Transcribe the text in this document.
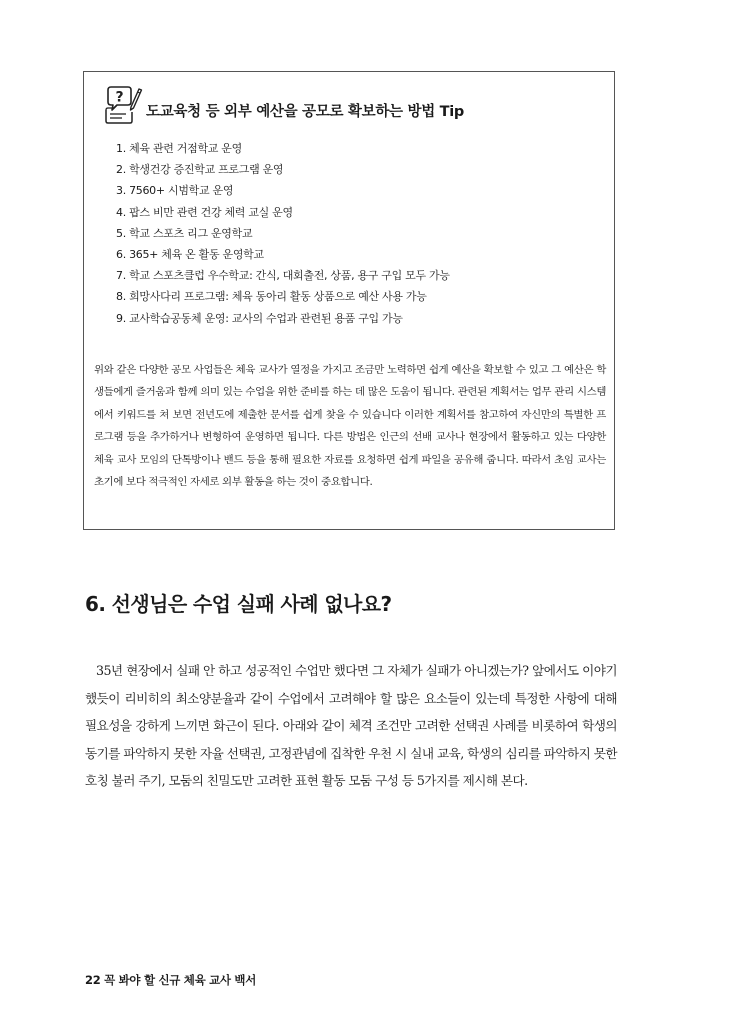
?
도교육청 등 외부 예산을 공모로 확보하는 방법 Tip
1. 체육 관련 거점학교 운영
2. 학생건강 증진학교 프로그램 운영
3. 7560+ 시범학교 운영
4. 팝스 비만 관련 건강 체력 교실 운영
5. 학교 스포츠 리그 운영학교
6. 365+ 체육 온 활동 운영학교
7. 학교 스포츠클럽 우수학교: 간식, 대회출전, 상품, 용구 구입 모두 가능
8. 희망사다리 프로그램: 체육 동아리 활동 상품으로 예산 사용 가능
9. 교사학습공동체 운영: 교사의 수업과 관련된 용품 구입 가능

위와 같은 다양한 공모 사업들은 체육 교사가 열정을 가지고 조금만 노력하면 쉽게 예산을 확보할 수 있고 그 예산은 학생들에게 즐거움과 함께 의미 있는 수업을 위한 준비를 하는 데 많은 도움이 됩니다. 관련된 계획서는 업무 관리 시스템에서 키워드를 쳐 보면 전년도에 제출한 문서를 쉽게 찾을 수 있습니다 이러한 계획서를 참고하여 자신만의 특별한 프로그램 등을 추가하거나 변형하여 운영하면 됩니다. 다른 방법은 인근의 선배 교사나 현장에서 활동하고 있는 다양한 체육 교사 모임의 단톡방이나 밴드 등을 통해 필요한 자료를 요청하면 쉽게 파일을 공유해 줍니다. 따라서 초임 교사는 초기에 보다 적극적인 자세로 외부 활동을 하는 것이 중요합니다.

6. 선생님은 수업 실패 사례 없나요?

35년 현장에서 실패 안 하고 성공적인 수업만 했다면 그 자체가 실패가 아니겠는가? 앞에서도 이야기했듯이 리비히의 최소양분율과 같이 수업에서 고려해야 할 많은 요소들이 있는데 특정한 사항에 대해 필요성을 강하게 느끼면 화근이 된다. 아래와 같이 체격 조건만 고려한 선택권 사례를 비롯하여 학생의 동기를 파악하지 못한 자율 선택권, 고정관념에 집착한 우천 시 실내 교육, 학생의 심리를 파악하지 못한 호칭 불러 주기, 모둠의 친밀도만 고려한 표현 활동 모둠 구성 등 5가지를 제시해 본다.

22 꼭 봐야 할 신규 체육 교사 백서
